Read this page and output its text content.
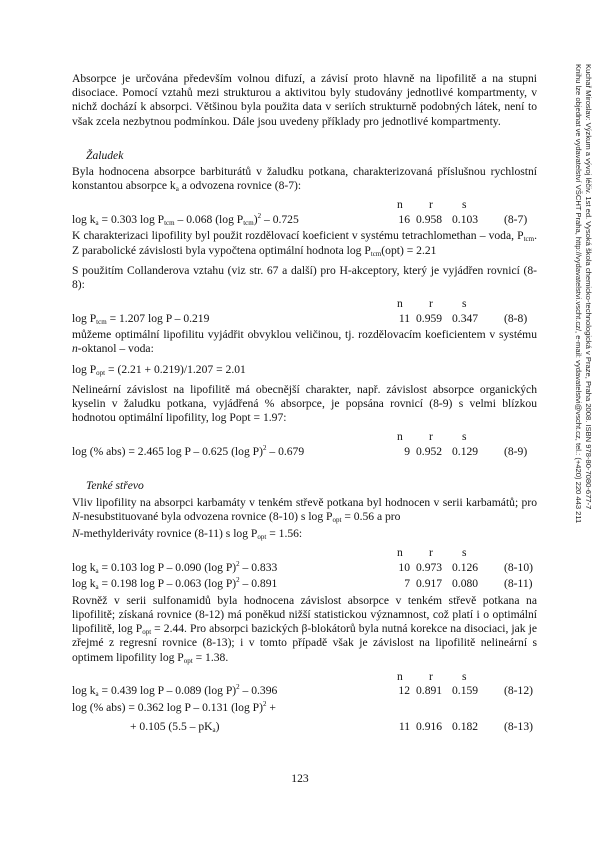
Absorpce je určována především volnou difuzí, a závisí proto hlavně na lipofilitě a na stupni disociace. Pomocí vztahů mezi strukturou a aktivitou byly studovány jednotlivé kompartmenty, v nichž dochází k absorpci. Většinou byla použita data v seriích strukturně podobných látek, není to však zcela nezbytnou podmínkou. Dále jsou uvedeny příklady pro jednotlivé kompartmenty.

Žaludek

Byla hodnocena absorpce barbiturátů v žaludku potkana, charakterizovaná příslušnou rychlostní konstantou absorpce $k_a$ a odvozena rovnice (8-7):

n r	s
$\log k_a = 0.303$ $\log P_{tcm} - 0.068$ (log $P_{tcm})^2 - 0.725$	16 0.958 0.103 (8-7)

K charakterizaci lipofility byl použit rozdělovací koeficient v systému tetrachlomethan – voda, $P_{tcm}$. Z parabolické závislosti byla vypočtena optimální hodnota $\log P_{tcm}(opt) = 2.21$

S použitím Collanderova vztahu (viz str. 67 a další) pro H-akceptory, který je vyjádřen rovnicí (8-8):

n r	s
$\log P_{tcm} = 1.207$ log P – 0.219	11 0.959 0.347 (8-8)

můžeme optimální lipofilitu vyjádřit obvyklou veličinou, tj. rozdělovacím koeficientem v systému n-oktanol – voda:

$\log P_{opt} = (2.21 + 0.219)/1.207 = 2.01$

Nelineární závislost na lipofilitě má obecnější charakter, např. závislost absorpce organických kyselin v žaludku potkana, vyjádřená % absorpce, je popsána rovnicí (8-9) s velmi blízkou hodnotou optimální lipofility, log Popt = 1.97:

n r	s
log (% abs) = 2.465 log P – 0.625 (log P)$^2$ – 0.679	9 0.952 0.129 (8-9)
Tenké střevo

Vliv lipofility na absorpci karbamáty v tenkém střevě potkana byl hodnocen v serii karbamátů; pro N-nesubstituované byla odvozena rovnice (8-10) s $\log P_{opt} = 0.56$ a pro

N-methylderiváty rovnice (8-11) s $\log P_{opt} = 1.56$:

n r	s
$\log k_a = 0.103$ log P – 0.090 (log P)$^2$ – 0.833	10 0.973 0.126 (8-10)
$\log k_a = 0.198$ log P – 0.063 (log P)$^2$ – 0.891	7 0.917 0.080 (8-11)

Rovněž v serii sulfonamidů byla hodnocena závislost absorpce v tenkém střevě potkana na lipofilitě; získaná rovnice (8-12) má poněkud nižší statistickou významnost, což platí i o optimální lipofilitě, $\log P_{opt} = 2.44$. Pro absorpci bazických β-blokátorů byla nutná korekce na disociaci, jak je zřejmé z regresní rovnice (8-13); i v tomto případě však je závislost na lipofilitě nelineární s optimem lipofility $\log P_{opt} = 1.38$.

n r	s
$\log k_a = 0.439$ log P – 0.089 (log P)$^2$ – 0.396	12 0.891 0.159 (8-12)
log (% abs) = 0.362 log P – 0.131 (log P)$^2$ +
+ 0.105 $(5.5 - pK_a)$	11 0.916 0.182 (8-13)
Kuchař Miroslav: Výzkum a vývoj léčiv. 1st ed. Vysoká škola chemicko-technologická v Praze, Praha 2008. ISBN 978-80-7080-677-7
Knihu lze objednat ve vydavatelství VŠCHT Praha, http://vydavatelstvi.vscht.cz/, e-mail: vydavatelstvi@vscht.cz, tel.: (+420) 220 443 211
123
